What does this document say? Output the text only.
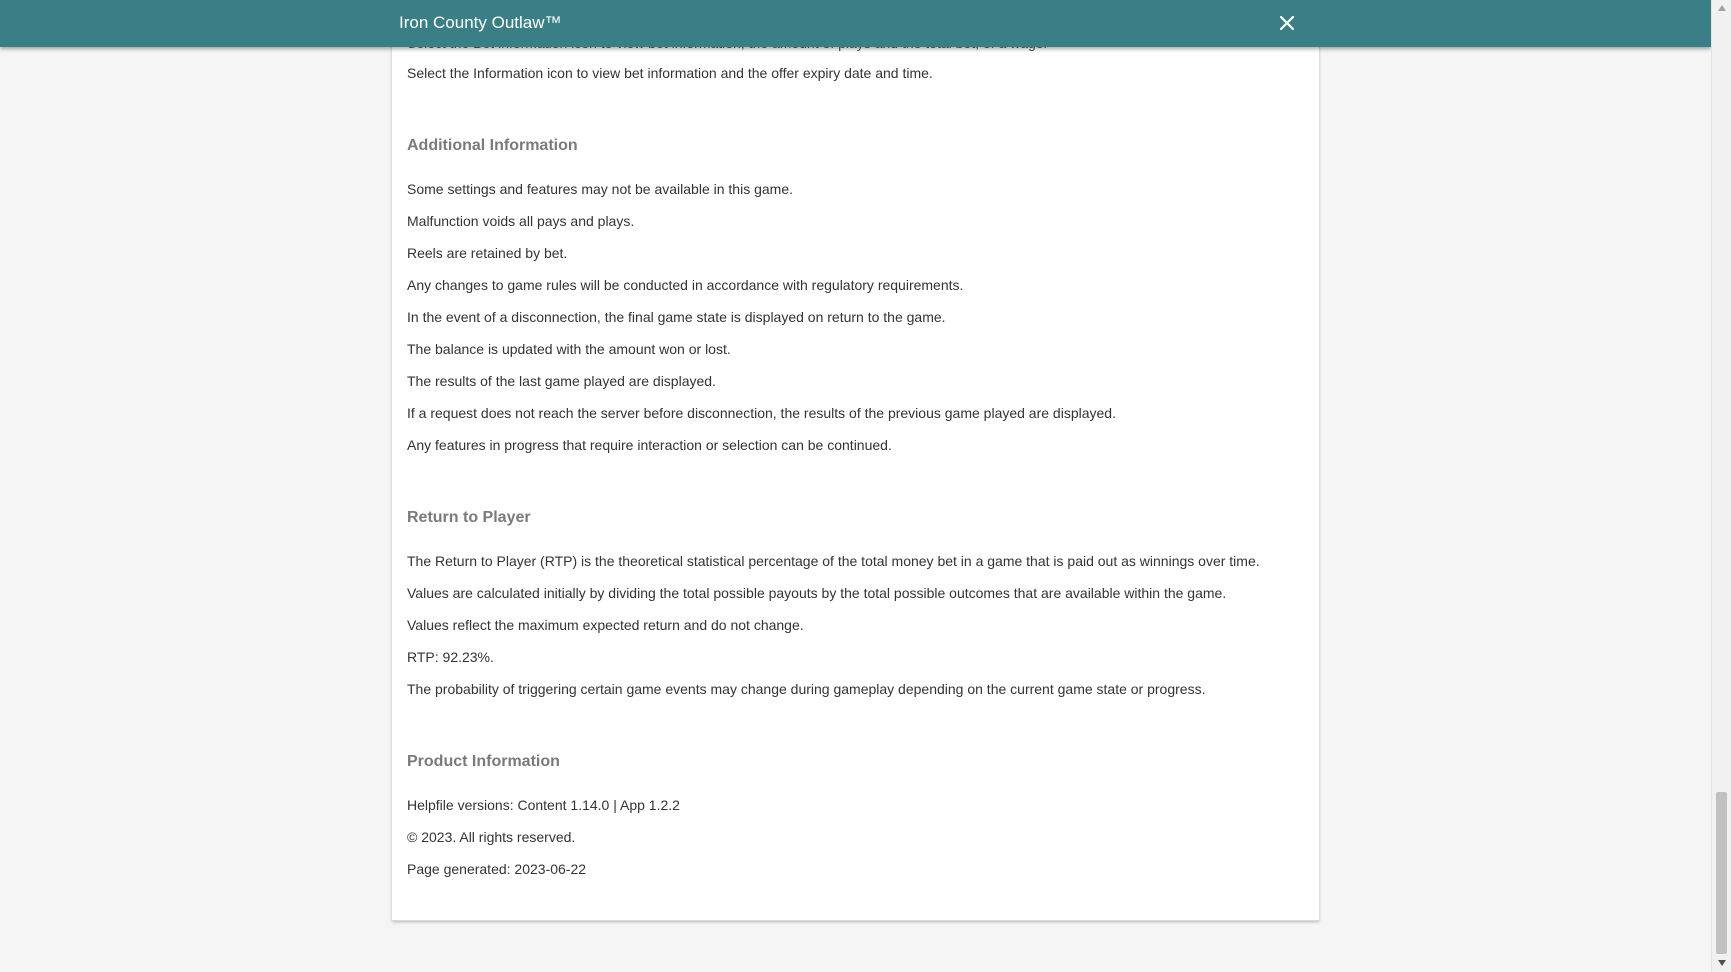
Select the Information icon to view bet information and the offer expiry date and time.
Additional Information
Some settings and features may not be available in this game.
Malfunction voids all pays and plays.
Reels are retained by bet.
Any changes to game rules will be conducted in accordance with regulatory requirements.
In the event of a disconnection, the final game state is displayed on return to the game.
The balance is updated with the amount won or lost.
The results of the last game played are displayed.
If a request does not reach the server before disconnection, the results of the previous game played are displayed.
Any features in progress that require interaction or selection can be continued.
Return to Player
The Return to Player (RTP) is the theoretical statistical percentage of the total money bet in a game that is paid out as winnings over time.
Values are calculated initially by dividing the total possible payouts by the total possible outcomes that are available within the game.
Values reflect the maximum expected return and do not change.
RTP: 92.23%.
The probability of triggering certain game events may change during gameplay depending on the current game state or progress.
Product Information
Helpfile versions: Content 1.14.0 | App 1.2.2
© 2023. All rights reserved.
Page generated: 2023-06-22
Iron County Outlaw™
